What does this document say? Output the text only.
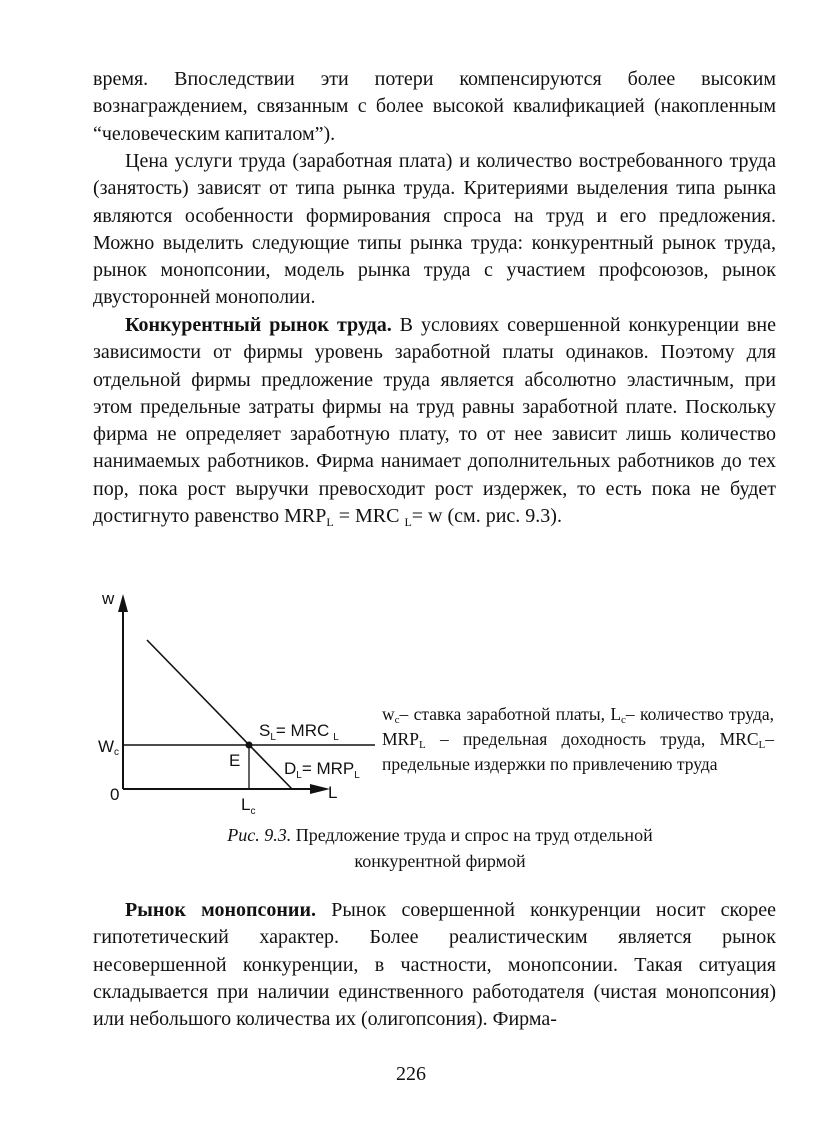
время. Впоследствии эти потери компенсируются более высоким вознаграждением, связанным с более высокой квалификацией (накопленным “человеческим капиталом”).

Цена услуги труда (заработная плата) и количество востребованного труда (занятость) зависят от типа рынка труда. Критериями выделения типа рынка являются особенности формирования спроса на труд и его предложения. Можно выделить следующие типы рынка труда: конкурентный рынок труда, рынок монопсонии, модель рынка труда с участием профсоюзов, рынок двусторонней монополии.

Конкурентный рынок труда. В условиях совершенной конкуренции вне зависимости от фирмы уровень заработной платы одинаков. Поэтому для отдельной фирмы предложение труда является абсолютно эластичным, при этом предельные затраты фирмы на труд равны заработной плате. Поскольку фирма не определяет заработную плату, то от нее зависит лишь количество нанимаемых работников. Фирма нанимает дополнительных работников до тех пор, пока рост выручки превосходит рост издержек, то есть пока не будет достигнуто равенство $MRP_L$ = MRC $_L$= w (см. рис. 9.3).

w
L
0
Wc
$L_c$
E
$S_L=$ MRC $_L$
$D_L= MRP_L$
$w_c-$ ставка заработной платы, $L_c-$ количество труда, $MRP_L$ – предельная доходность труда, $MRC_L-$ предельные издержки по привлечению труда
Рис. 9.3. Предложение труда и спрос на труд отдельной
конкурентной фирмой

Рынок монопсонии. Рынок совершенной конкуренции носит скорее гипотетический характер. Более реалистическим является рынок несовершенной конкуренции, в частности, монопсонии. Такая ситуация складывается при наличии единственного работодателя (чистая монопсония) или небольшого количества их (олигопсония). Фирма-

226
